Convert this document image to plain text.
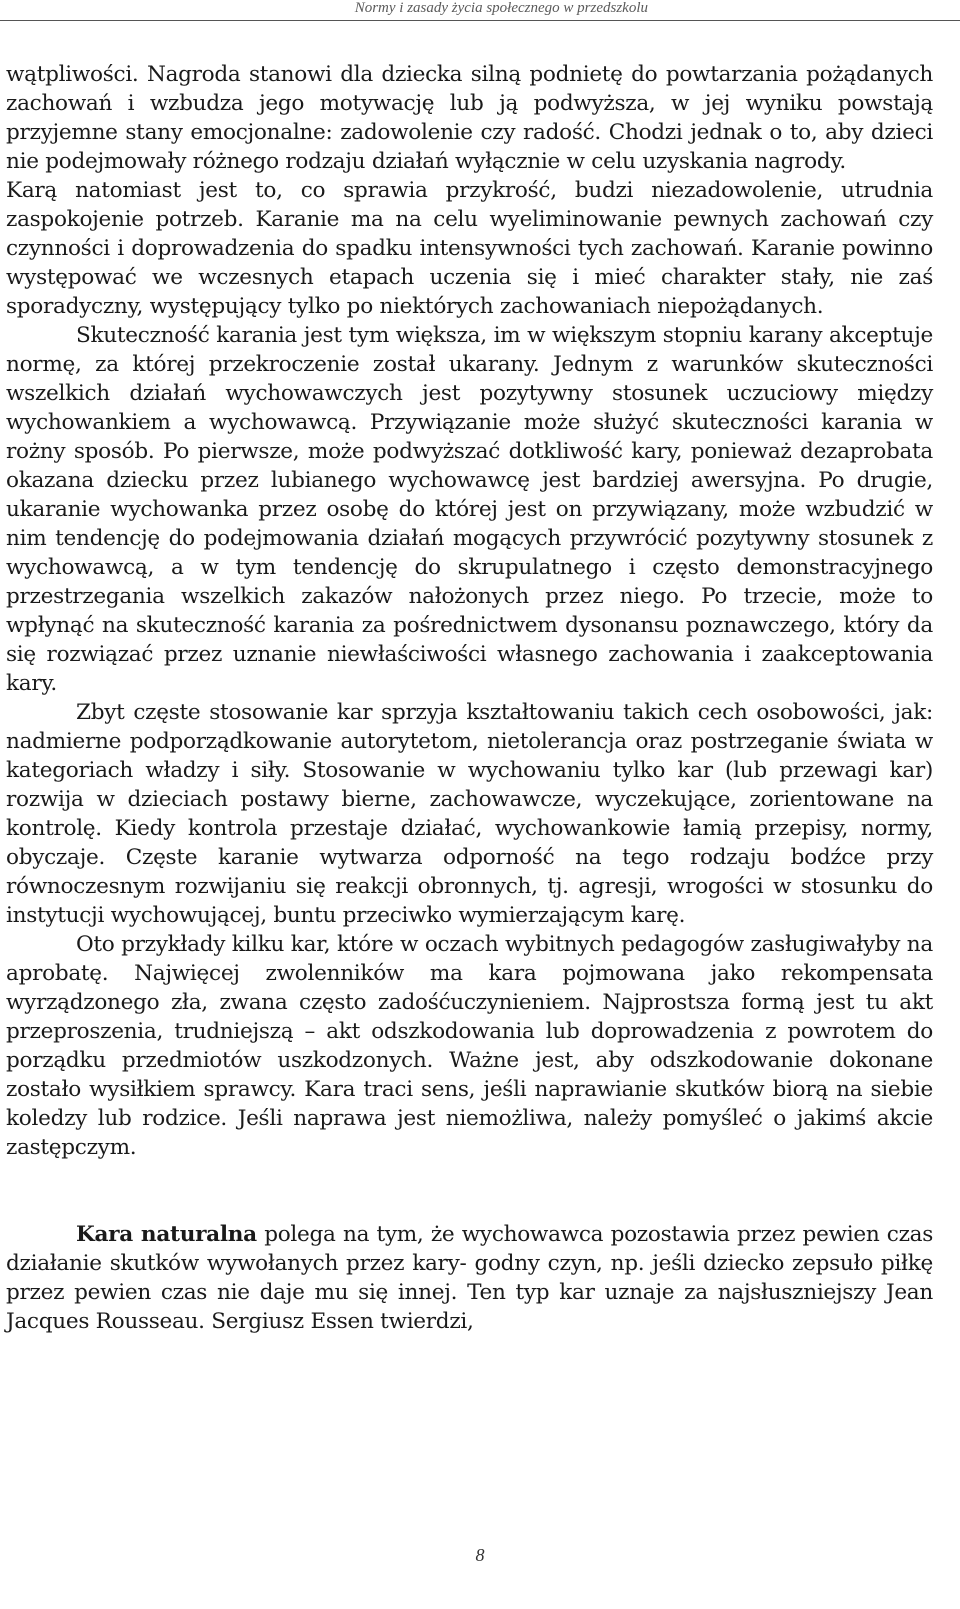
Normy i zasady życia społecznego w przedszkolu

wątpliwości. Nagroda stanowi dla dziecka silną podnietę do powtarzania pożądanych zachowań i wzbudza jego motywację lub ją podwyższa, w jej wyniku powstają przyjemne stany emocjonalne: zadowolenie czy radość. Chodzi jednak o to, aby dzieci nie podejmowały różnego rodzaju działań wyłącznie w celu uzyskania nagrody.

Karą natomiast jest to, co sprawia przykrość, budzi niezadowolenie, utrudnia zaspokojenie potrzeb. Karanie ma na celu wyeliminowanie pewnych zachowań czy czynności i doprowadzenia do spadku intensywności tych zachowań. Karanie powinno występować we wczesnych etapach uczenia się i mieć charakter stały, nie zaś sporadyczny, występujący tylko po niektórych zachowaniach niepożądanych.

Skuteczność karania jest tym większa, im w większym stopniu karany akceptuje normę, za której przekroczenie został ukarany. Jednym z warunków skuteczności wszelkich działań wychowawczych jest pozytywny stosunek uczuciowy między wychowankiem a wychowawcą. Przywiązanie może służyć skuteczności karania w rożny sposób. Po pierwsze, może podwyższać dotkliwość kary, ponieważ dezaprobata okazana dziecku przez lubianego wychowawcę jest bardziej awersyjna. Po drugie, ukaranie wychowanka przez osobę do której jest on przywiązany, może wzbudzić w nim tendencję do podejmowania działań mogących przywrócić pozytywny stosunek z wychowawcą, a w tym tendencję do skrupulatnego i często demonstracyjnego przestrzegania wszelkich zakazów nałożonych przez niego. Po trzecie, może to wpłynąć na skuteczność karania za pośrednictwem dysonansu poznawczego, który da się rozwiązać przez uznanie niewłaściwości własnego zachowania i zaakceptowania kary.

Zbyt częste stosowanie kar sprzyja kształtowaniu takich cech osobowości, jak: nadmierne podporządkowanie autorytetom, nietolerancja oraz postrzeganie świata w kategoriach władzy i siły. Stosowanie w wychowaniu tylko kar (lub przewagi kar) rozwija w dzieciach postawy bierne, zachowawcze, wyczekujące, zorientowane na kontrolę. Kiedy kontrola przestaje działać, wychowankowie łamią przepisy, normy, obyczaje. Częste karanie wytwarza odporność na tego rodzaju bodźce przy równoczesnym rozwijaniu się reakcji obronnych, tj. agresji, wrogości w stosunku do instytucji wychowującej, buntu przeciwko wymierzającym karę.

Oto przykłady kilku kar, które w oczach wybitnych pedagogów zasługiwałyby na aprobatę. Najwięcej zwolenników ma kara pojmowana jako rekompensata wyrządzonego zła, zwana często zadośćuczynieniem. Najprostsza formą jest tu akt przeproszenia, trudniejszą – akt odszkodowania lub doprowadzenia z powrotem do porządku przedmiotów uszkodzonych. Ważne jest, aby odszkodowanie dokonane zostało wysiłkiem sprawcy. Kara traci sens, jeśli naprawianie skutków biorą na siebie koledzy lub rodzice. Jeśli naprawa jest niemożliwa, należy pomyśleć o jakimś akcie zastępczym.

Kara naturalna polega na tym, że wychowawca pozostawia przez pewien czas działanie skutków wywołanych przez kary- godny czyn, np. jeśli dziecko zepsuło piłkę przez pewien czas nie daje mu się innej. Ten typ kar uznaje za najsłuszniejszy Jean Jacques Rousseau. Sergiusz Essen twierdzi,

8
